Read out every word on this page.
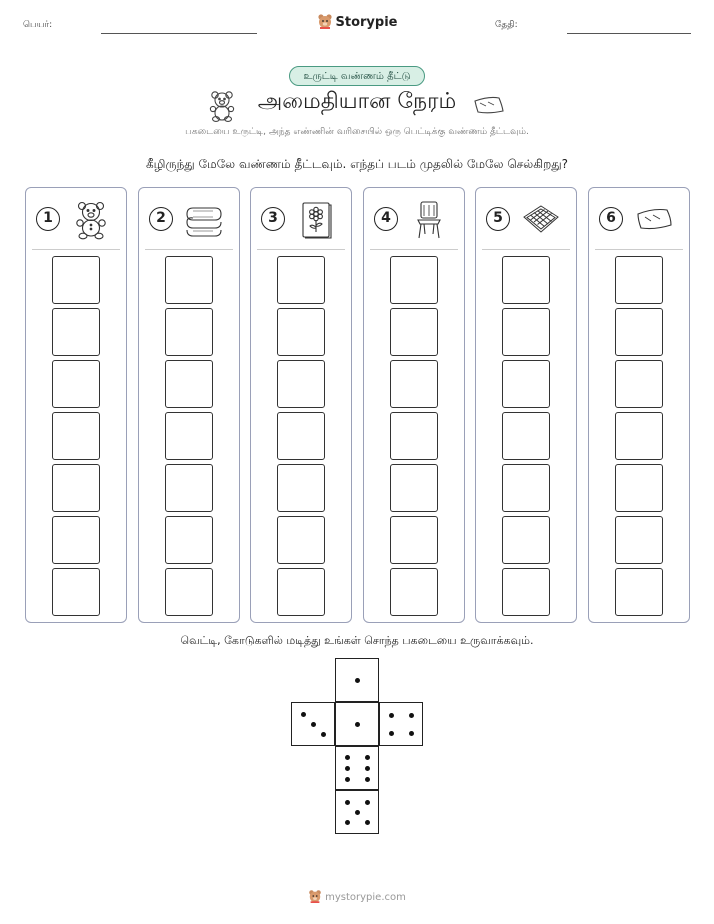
பெயர்:	Storypie	தேதி:
உருட்டி வண்ணம் தீட்டு
அமைதியான நேரம்
பகடையை உருட்டி, அந்த எண்ணின் வரிசையில் ஒரு பெட்டிக்கு வண்ணம் தீட்டவும்.
கீழிருந்து மேலே வண்ணம் தீட்டவும். எந்தப் படம் முதலில் மேலே செல்கிறது?
1	2	3	4	5	6
வெட்டி, கோடுகளில் மடித்து உங்கள் சொந்த பகடையை உருவாக்கவும்.
mystorypie.com
